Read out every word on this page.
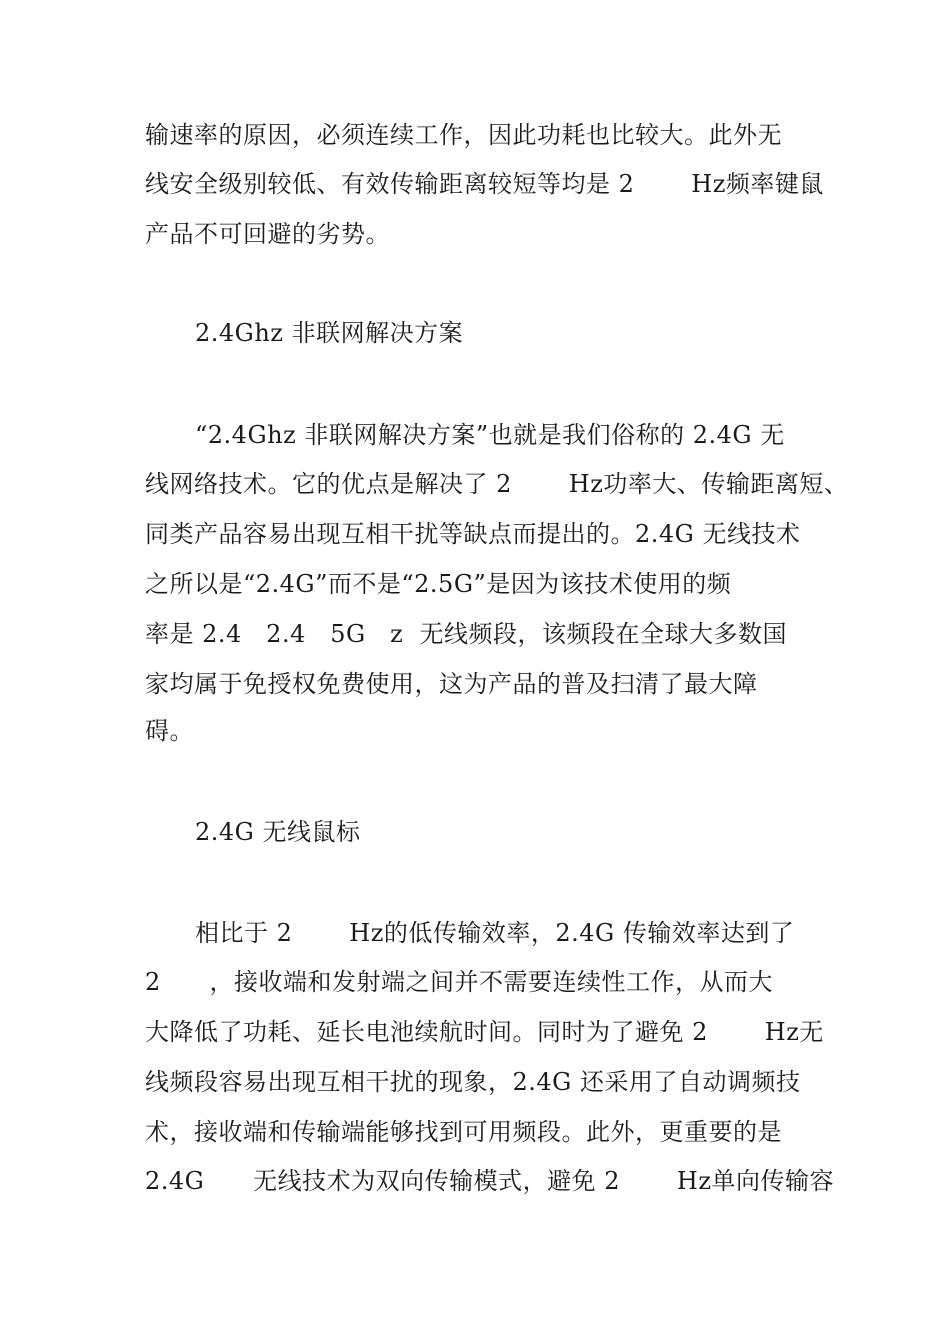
输速率的原因，必须连续工作，因此功耗也比较大。此外无
线安全级别较低、有效传输距离较短等均是 2       Hz频率键鼠
产品不可回避的劣势。
2.4Ghz 非联网解决方案
“2.4Ghz 非联网解决方案”也就是我们俗称的 2.4G 无
线网络技术。它的优点是解决了 2       Hz功率大、传输距离短、
同类产品容易出现互相干扰等缺点而提出的。2.4G 无线技术
之所以是“2.4G”而不是“2.5G”是因为该技术使用的频
率是 2.4   2.4   5G   z  无线频段，该频段在全球大多数国
家均属于免授权免费使用，这为产品的普及扫清了最大障
碍。
2.4G 无线鼠标
相比于 2       Hz的低传输效率，2.4G 传输效率达到了
2      ，接收端和发射端之间并不需要连续性工作，从而大
大降低了功耗、延长电池续航时间。同时为了避免 2       Hz无
线频段容易出现互相干扰的现象，2.4G 还采用了自动调频技
术，接收端和传输端能够找到可用频段。此外，更重要的是
2.4G      无线技术为双向传输模式，避免 2       Hz单向传输容
